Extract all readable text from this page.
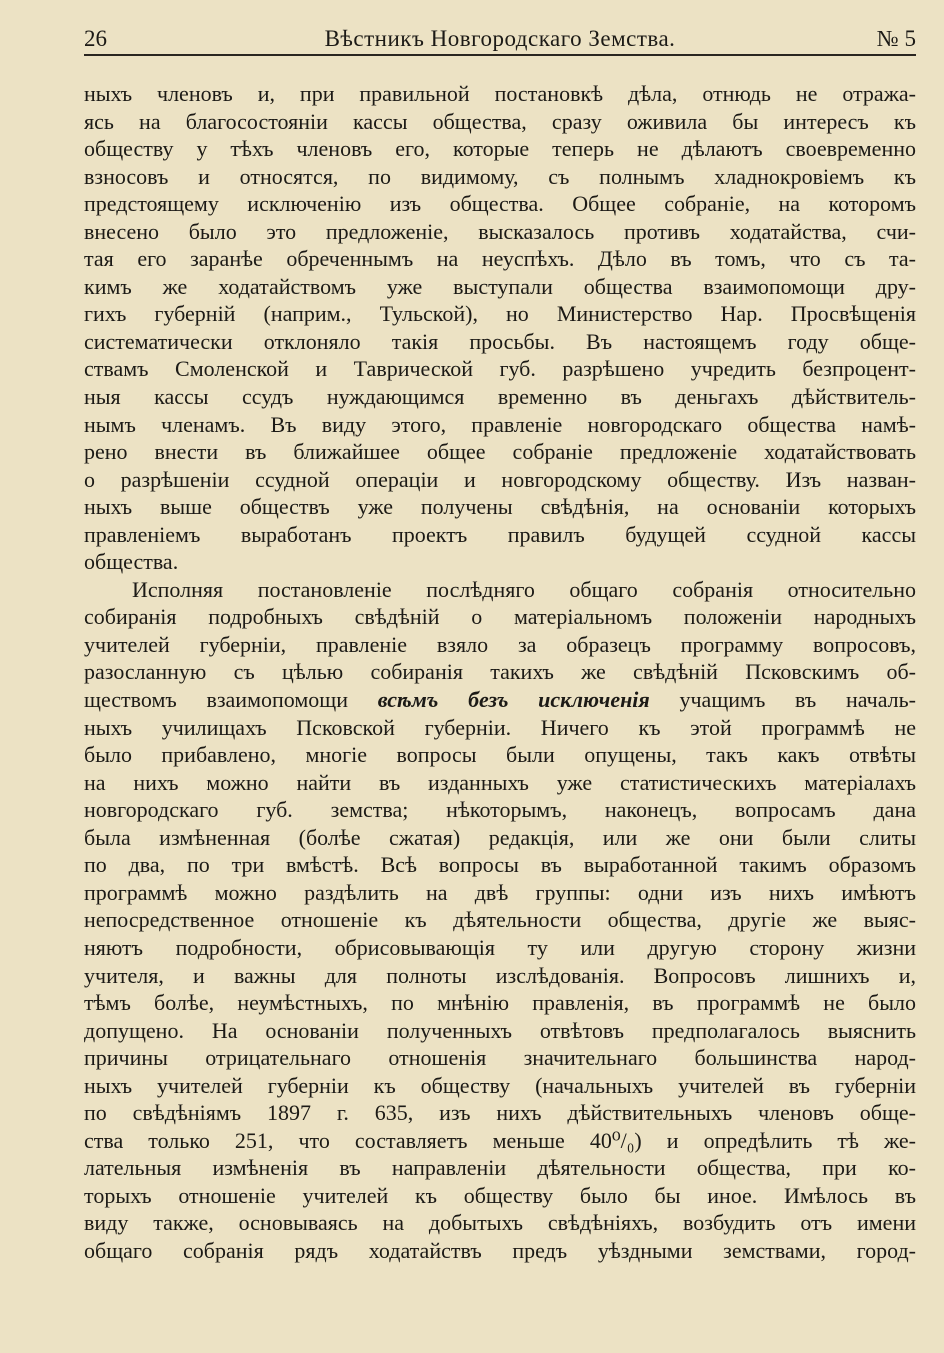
26	Вѣстникъ Новгородскаго Земства.	№ 5
ныхъ членовъ и, при правильной постановкѣ дѣла, отнюдь не отража-
ясь на благосостояніи кассы общества, сразу оживила бы интересъ къ
обществу у тѣхъ членовъ его, которые теперь не дѣлаютъ своевременно
взносовъ и относятся, по видимому, съ полнымъ хладнокровіемъ къ
предстоящему исключенію изъ общества. Общее собраніе, на которомъ
внесено было это предложеніе, высказалось противъ ходатайства, счи-
тая его заранѣе обреченнымъ на неуспѣхъ. Дѣло въ томъ, что съ та-
кимъ же ходатайствомъ уже выступали общества взаимопомощи дру-
гихъ губерній (наприм., Тульской), но Министерство Нар. Просвѣщенія
систематически отклоняло такія просьбы. Въ настоящемъ году обще-
ствамъ Смоленской и Таврической губ. разрѣшено учредить безпроцент-
ныя кассы ссудъ нуждающимся временно въ деньгахъ дѣйствитель-
нымъ членамъ. Въ виду этого, правленіе новгородскаго общества намѣ-
рено внести въ ближайшее общее собраніе предложеніе ходатайствовать
о разрѣшеніи ссудной операціи и новгородскому обществу. Изъ назван-
ныхъ выше обществъ уже получены свѣдѣнія, на основаніи которыхъ
правленіемъ выработанъ проектъ правилъ будущей ссудной кассы
общества.
Исполняя постановленіе послѣдняго общаго собранія относительно
собиранія подробныхъ свѣдѣній о матеріальномъ положеніи народныхъ
учителей губерніи, правленіе взяло за образецъ программу вопросовъ,
разосланную съ цѣлью собиранія такихъ же свѣдѣній Псковскимъ об-
ществомъ взаимопомощи всѣмъ безъ исключенія учащимъ въ началь-
ныхъ училищахъ Псковской губерніи. Ничего къ этой программѣ не
было прибавлено, многіе вопросы были опущены, такъ какъ отвѣты
на нихъ можно найти въ изданныхъ уже статистическихъ матеріалахъ
новгородскаго губ. земства; нѣкоторымъ, наконецъ, вопросамъ дана
была измѣненная (болѣе сжатая) редакція, или же они были слиты
по два, по три вмѣстѣ. Всѣ вопросы въ выработанной такимъ образомъ
программѣ можно раздѣлить на двѣ группы: одни изъ нихъ имѣютъ
непосредственное отношеніе къ дѣятельности общества, другіе же выяс-
няютъ подробности, обрисовывающія ту или другую сторону жизни
учителя, и важны для полноты изслѣдованія. Вопросовъ лишнихъ и,
тѣмъ болѣе, неумѣстныхъ, по мнѣнію правленія, въ программѣ не было
допущено. На основаніи полученныхъ отвѣтовъ предполагалось выяснить
причины отрицательнаго отношенія значительнаго большинства народ-
ныхъ учителей губерніи къ обществу (начальныхъ учителей въ губерніи
по свѣдѣніямъ 1897 г. 635, изъ нихъ дѣйствительныхъ членовъ обще-
ства только 251, что составляетъ меньше 40⁰/₀) и опредѣлить тѣ же-
лательныя измѣненія въ направленіи дѣятельности общества, при ко-
торыхъ отношеніе учителей къ обществу было бы иное. Имѣлось въ
виду также, основываясь на добытыхъ свѣдѣніяхъ, возбудить отъ имени
общаго собранія рядъ ходатайствъ предъ уѣздными земствами, город-
